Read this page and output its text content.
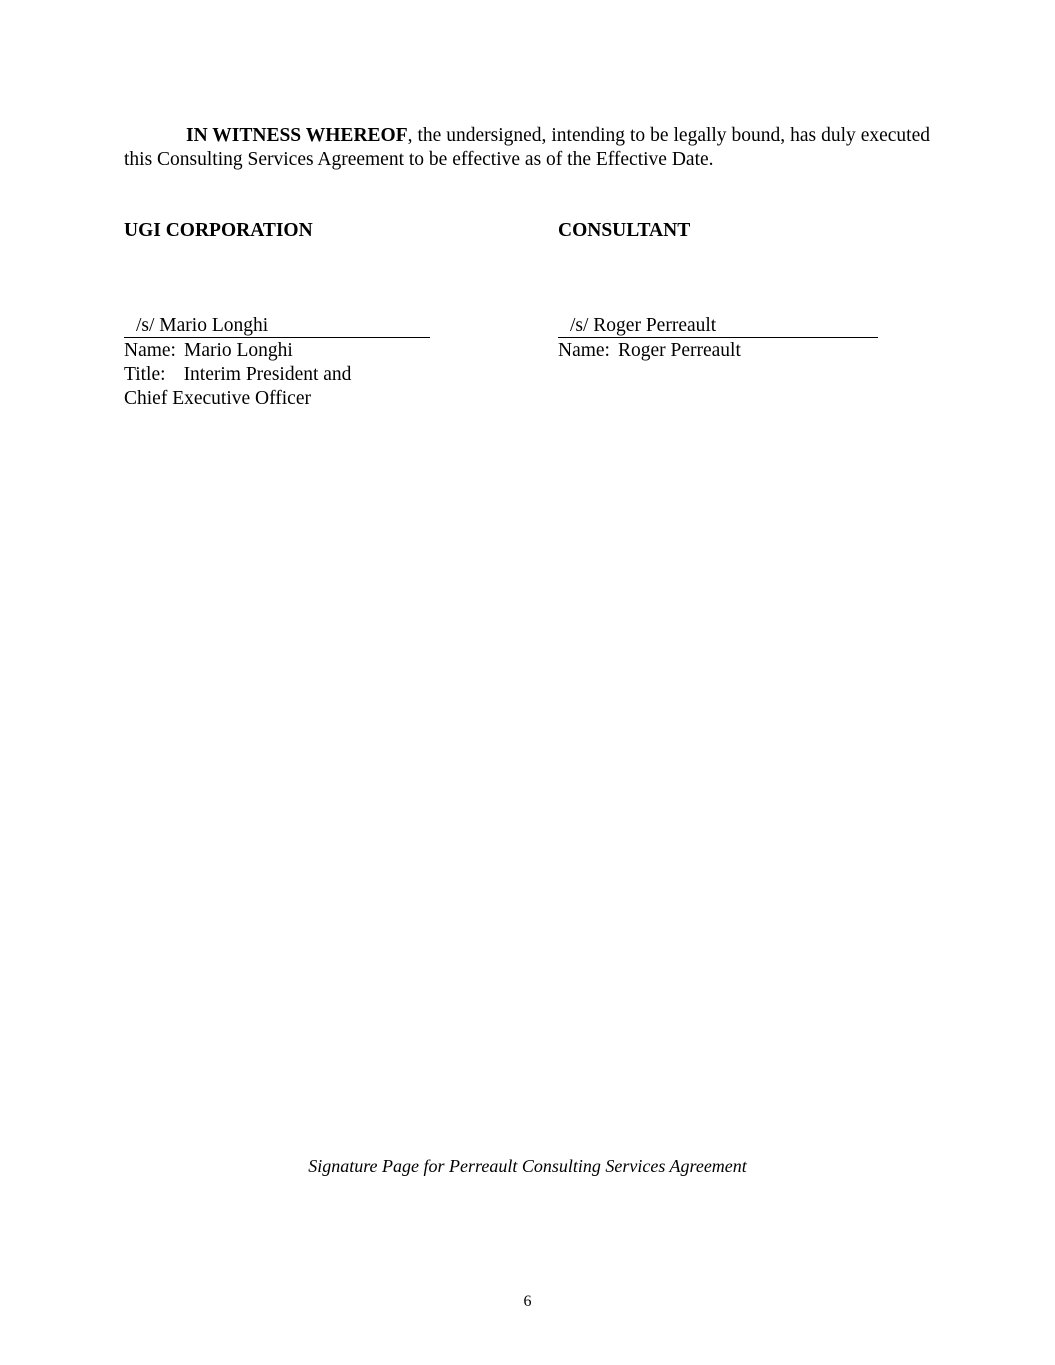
IN WITNESS WHEREOF, the undersigned, intending to be legally bound, has duly executed this Consulting Services Agreement to be effective as of the Effective Date.

UGI CORPORATION	CONSULTANT
/s/ Mario Longhi
Name: Mario Longhi
Title: Interim President and
Chief Executive Officer
/s/ Roger Perreault
Name: Roger Perreault
Signature Page for Perreault Consulting Services Agreement
6
